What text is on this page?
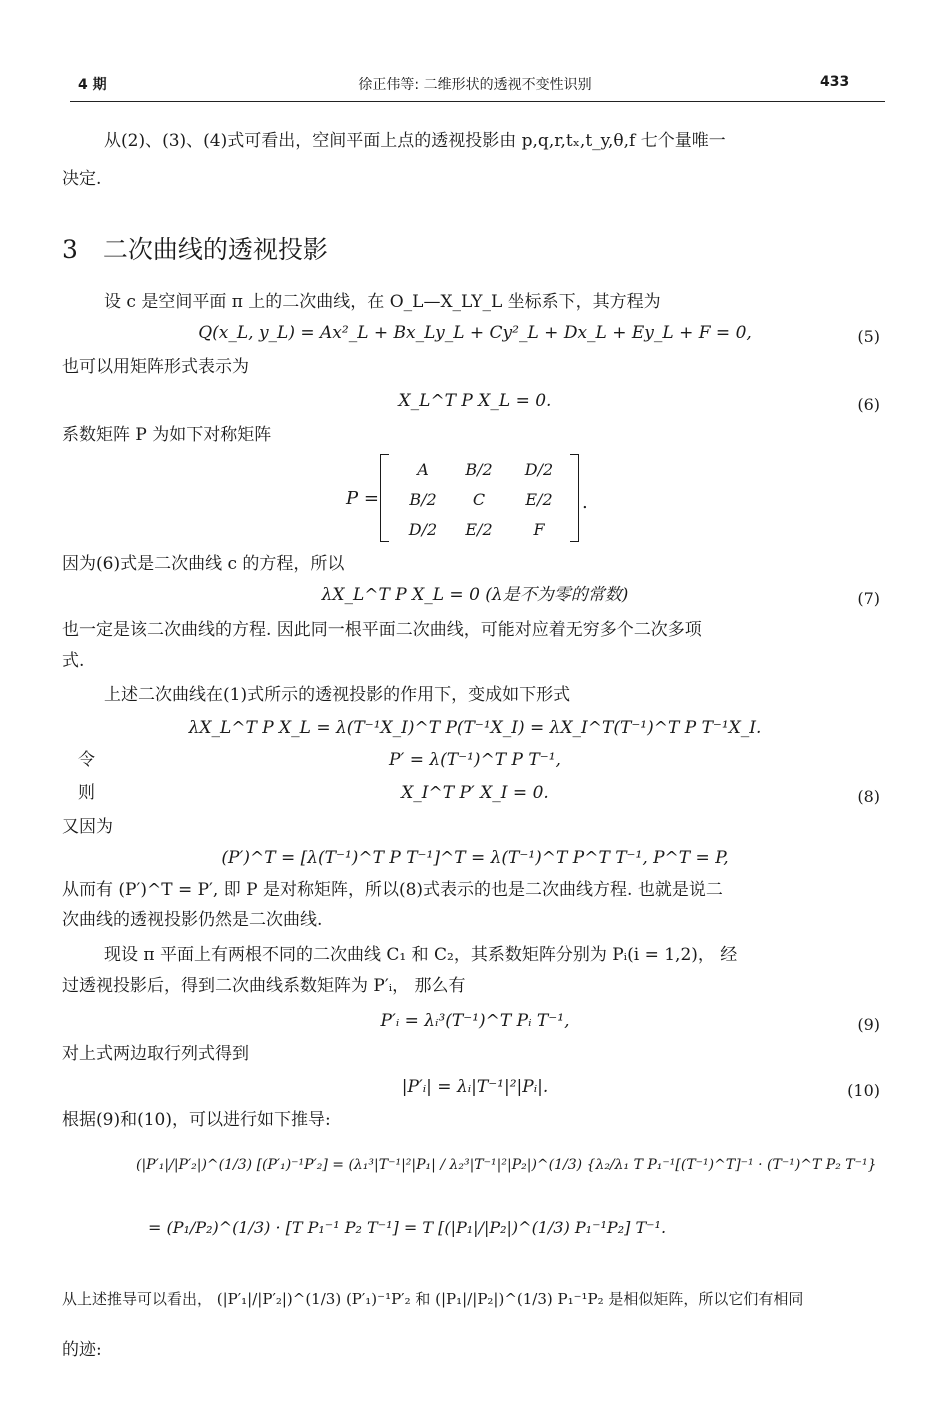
4 期	徐正伟等: 二维形状的透视不变性识别	433
从(2)、(3)、(4)式可看出，空间平面上点的透视投影由 p,q,r,tₓ,t_y,θ,f 七个量唯一
决定.
3　二次曲线的透视投影
设 c 是空间平面 π 上的二次曲线，在 O_L—X_LY_L 坐标系下，其方程为
Q(x_L, y_L) = Ax²_L + Bx_Ly_L + Cy²_L + Dx_L + Ey_L + F = 0,	(5)
也可以用矩阵形式表示为
X_L^T P X_L = 0.	(6)
系数矩阵 P 为如下对称矩阵
P =
A	B/2	D/2
B/2	C	E/2
D/2	E/2	F
.
因为(6)式是二次曲线 c 的方程，所以
λX_L^T P X_L = 0 (λ是不为零的常数)	(7)
也一定是该二次曲线的方程. 因此同一根平面二次曲线，可能对应着无穷多个二次多项
式.
上述二次曲线在(1)式所示的透视投影的作用下，变成如下形式
λX_L^T P X_L = λ(T⁻¹X_I)^T P(T⁻¹X_I) = λX_I^T(T⁻¹)^T P T⁻¹X_I.
令	P′ = λ(T⁻¹)^T P T⁻¹,
则	X_I^T P′ X_I = 0.	(8)
又因为
(P′)^T = [λ(T⁻¹)^T P T⁻¹]^T = λ(T⁻¹)^T P^T T⁻¹, P^T = P,
从而有 (P′)^T = P′, 即 P 是对称矩阵，所以(8)式表示的也是二次曲线方程. 也就是说二
次曲线的透视投影仍然是二次曲线.
现设 π 平面上有两根不同的二次曲线 C₁ 和 C₂，其系数矩阵分别为 Pᵢ(i = 1,2)， 经
过透视投影后，得到二次曲线系数矩阵为 P′ᵢ， 那么有
P′ᵢ = λᵢ³(T⁻¹)^T Pᵢ T⁻¹,	(9)
对上式两边取行列式得到
|P′ᵢ| = λᵢ|T⁻¹|²|Pᵢ|.	(10)
根据(9)和(10)，可以进行如下推导:
(|P′₁|/|P′₂|)^(1/3) [(P′₁)⁻¹P′₂] = (λ₁³|T⁻¹|²|P₁| / λ₂³|T⁻¹|²|P₂|)^(1/3) {λ₂/λ₁ T P₁⁻¹[(T⁻¹)^T]⁻¹ · (T⁻¹)^T P₂ T⁻¹}
= (P₁/P₂)^(1/3) · [T P₁⁻¹ P₂ T⁻¹] = T [(|P₁|/|P₂|)^(1/3) P₁⁻¹P₂] T⁻¹.
从上述推导可以看出， (|P′₁|/|P′₂|)^(1/3) (P′₁)⁻¹P′₂ 和 (|P₁|/|P₂|)^(1/3) P₁⁻¹P₂ 是相似矩阵，所以它们有相同
的迹:
